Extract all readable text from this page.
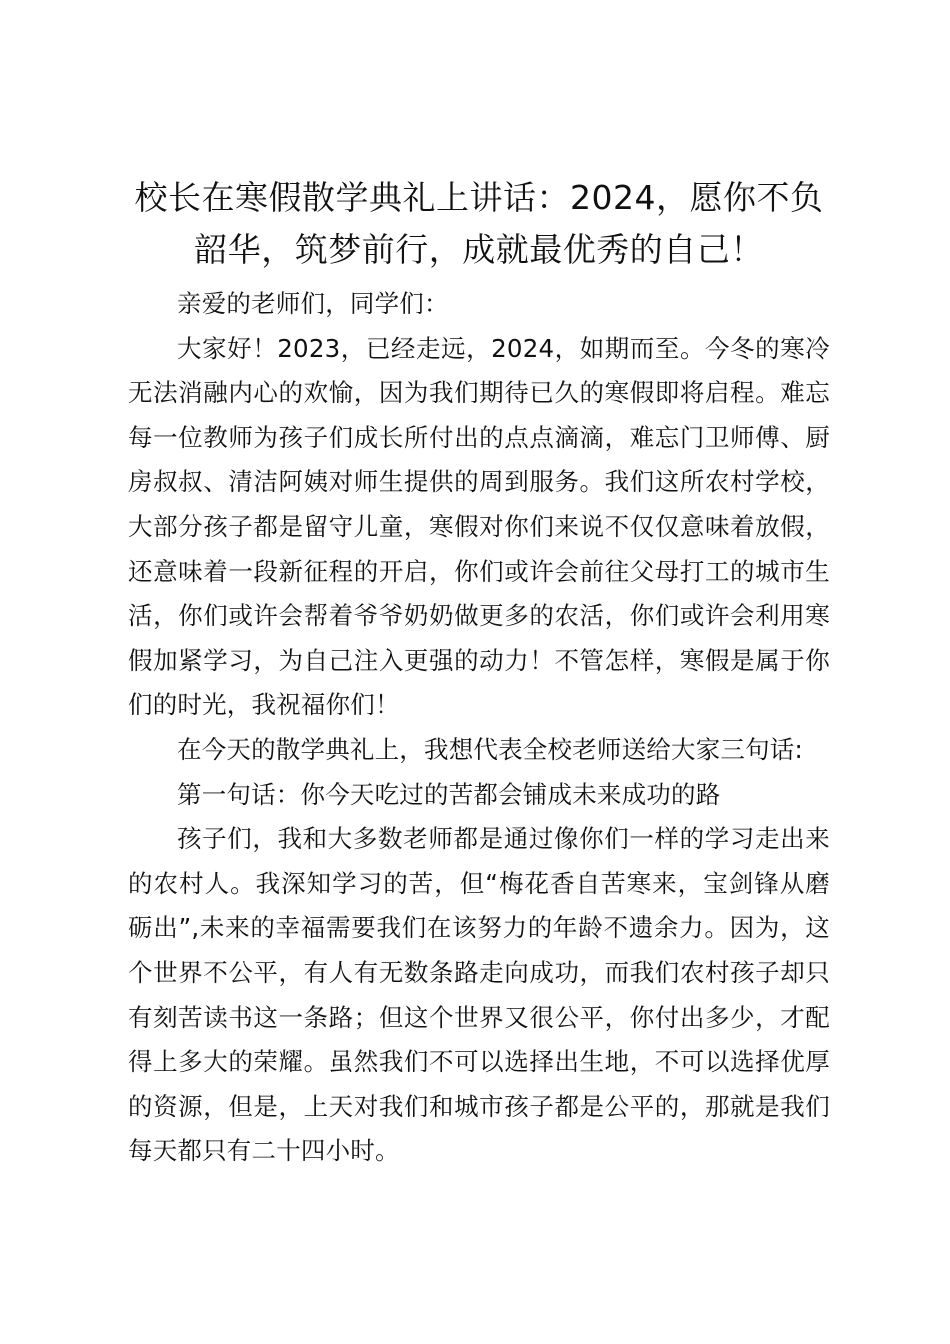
校长在寒假散学典礼上讲话：2024，愿你不负韶华，筑梦前行，成就最优秀的自己！

亲爱的老师们，同学们：

大家好！2023，已经走远，2024，如期而至。今冬的寒冷无法消融内心的欢愉，因为我们期待已久的寒假即将启程。难忘每一位教师为孩子们成长所付出的点点滴滴，难忘门卫师傅、厨房叔叔、清洁阿姨对师生提供的周到服务。我们这所农村学校，大部分孩子都是留守儿童，寒假对你们来说不仅仅意味着放假，还意味着一段新征程的开启，你们或许会前往父母打工的城市生活，你们或许会帮着爷爷奶奶做更多的农活，你们或许会利用寒假加紧学习，为自己注入更强的动力！不管怎样，寒假是属于你们的时光，我祝福你们！

在今天的散学典礼上，我想代表全校老师送给大家三句话:

第一句话：你今天吃过的苦都会铺成未来成功的路

孩子们，我和大多数老师都是通过像你们一样的学习走出来的农村人。我深知学习的苦，但“梅花香自苦寒来，宝剑锋从磨砺出”,未来的幸福需要我们在该努力的年龄不遗余力。因为，这个世界不公平，有人有无数条路走向成功，而我们农村孩子却只有刻苦读书这一条路；但这个世界又很公平，你付出多少，才配得上多大的荣耀。虽然我们不可以选择出生地，不可以选择优厚的资源，但是，上天对我们和城市孩子都是公平的，那就是我们每天都只有二十四小时。
